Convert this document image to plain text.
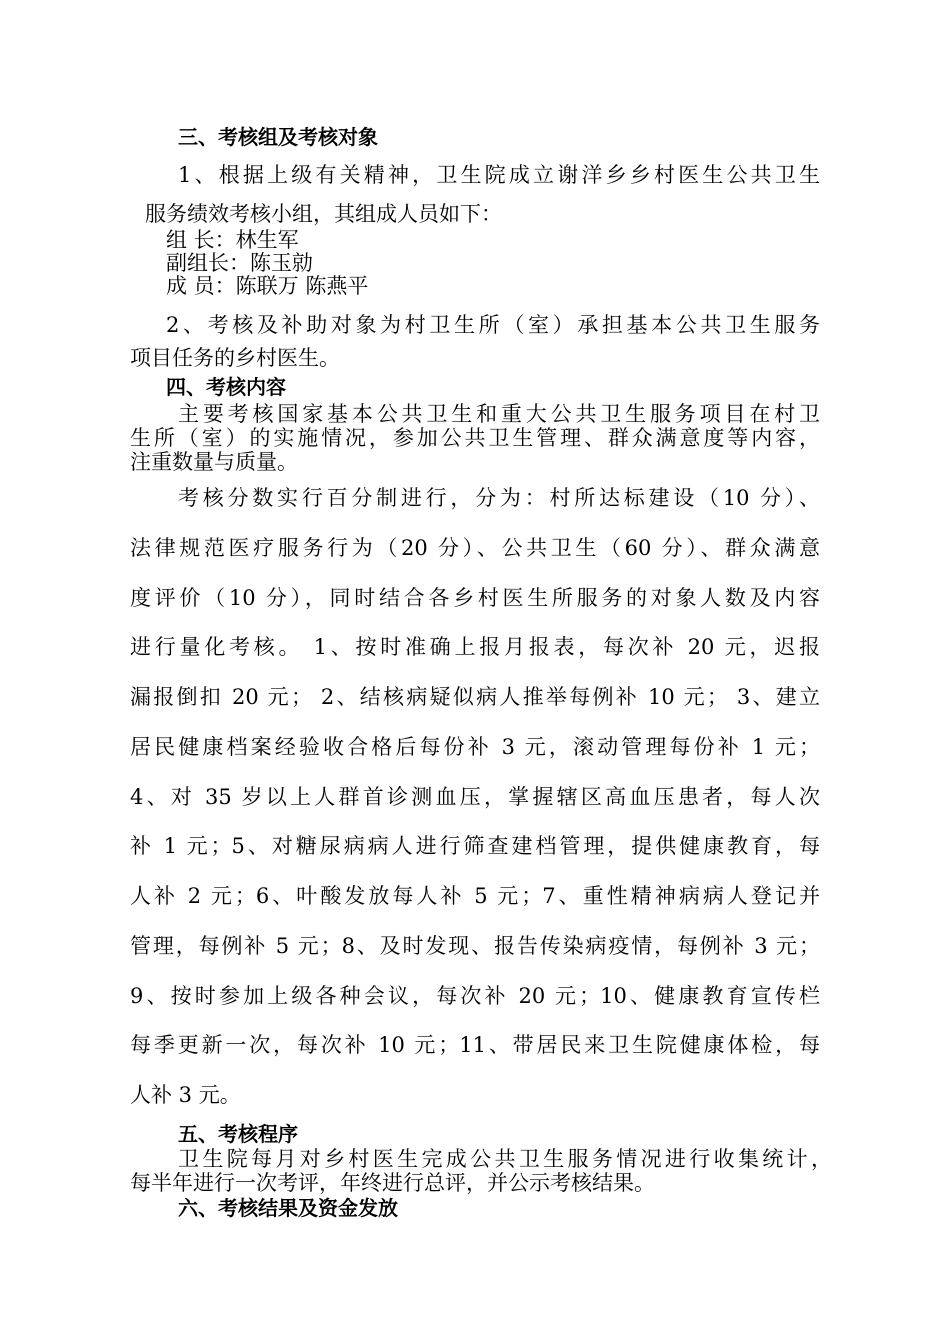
三、考核组及考核对象
1、根据上级有关精神，卫生院成立谢洋乡乡村医生公共卫生
服务绩效考核小组，其组成人员如下：
组 长：林生军
副组长：陈玉勍
成 员：陈联万 陈燕平
2、考核及补助对象为村卫生所（室）承担基本公共卫生服务
项目任务的乡村医生。
四、考核内容
主要考核国家基本公共卫生和重大公共卫生服务项目在村卫
生所（室）的实施情况，参加公共卫生管理、群众满意度等内容，
注重数量与质量。
考核分数实行百分制进行，分为：村所达标建设（10 分）、
法律规范医疗服务行为（20 分）、公共卫生（60 分）、群众满意
度评价（10 分），同时结合各乡村医生所服务的对象人数及内容
进行量化考核。 1、按时准确上报月报表，每次补 20 元，迟报
漏报倒扣 20 元； 2、结核病疑似病人推举每例补 10 元； 3、建立
居民健康档案经验收合格后每份补 3 元，滚动管理每份补 1 元；
4、对 35 岁以上人群首诊测血压，掌握辖区高血压患者，每人次
补 1 元；5、对糖尿病病人进行筛查建档管理，提供健康教育，每
人补 2 元；6、叶酸发放每人补 5 元；7、重性精神病病人登记并
管理，每例补 5 元；8、及时发现、报告传染病疫情，每例补 3 元；
9、按时参加上级各种会议，每次补 20 元；10、健康教育宣传栏
每季更新一次，每次补 10 元；11、带居民来卫生院健康体检，每
人补 3 元。
五、考核程序
卫生院每月对乡村医生完成公共卫生服务情况进行收集统计，
每半年进行一次考评，年终进行总评，并公示考核结果。
六、考核结果及资金发放
